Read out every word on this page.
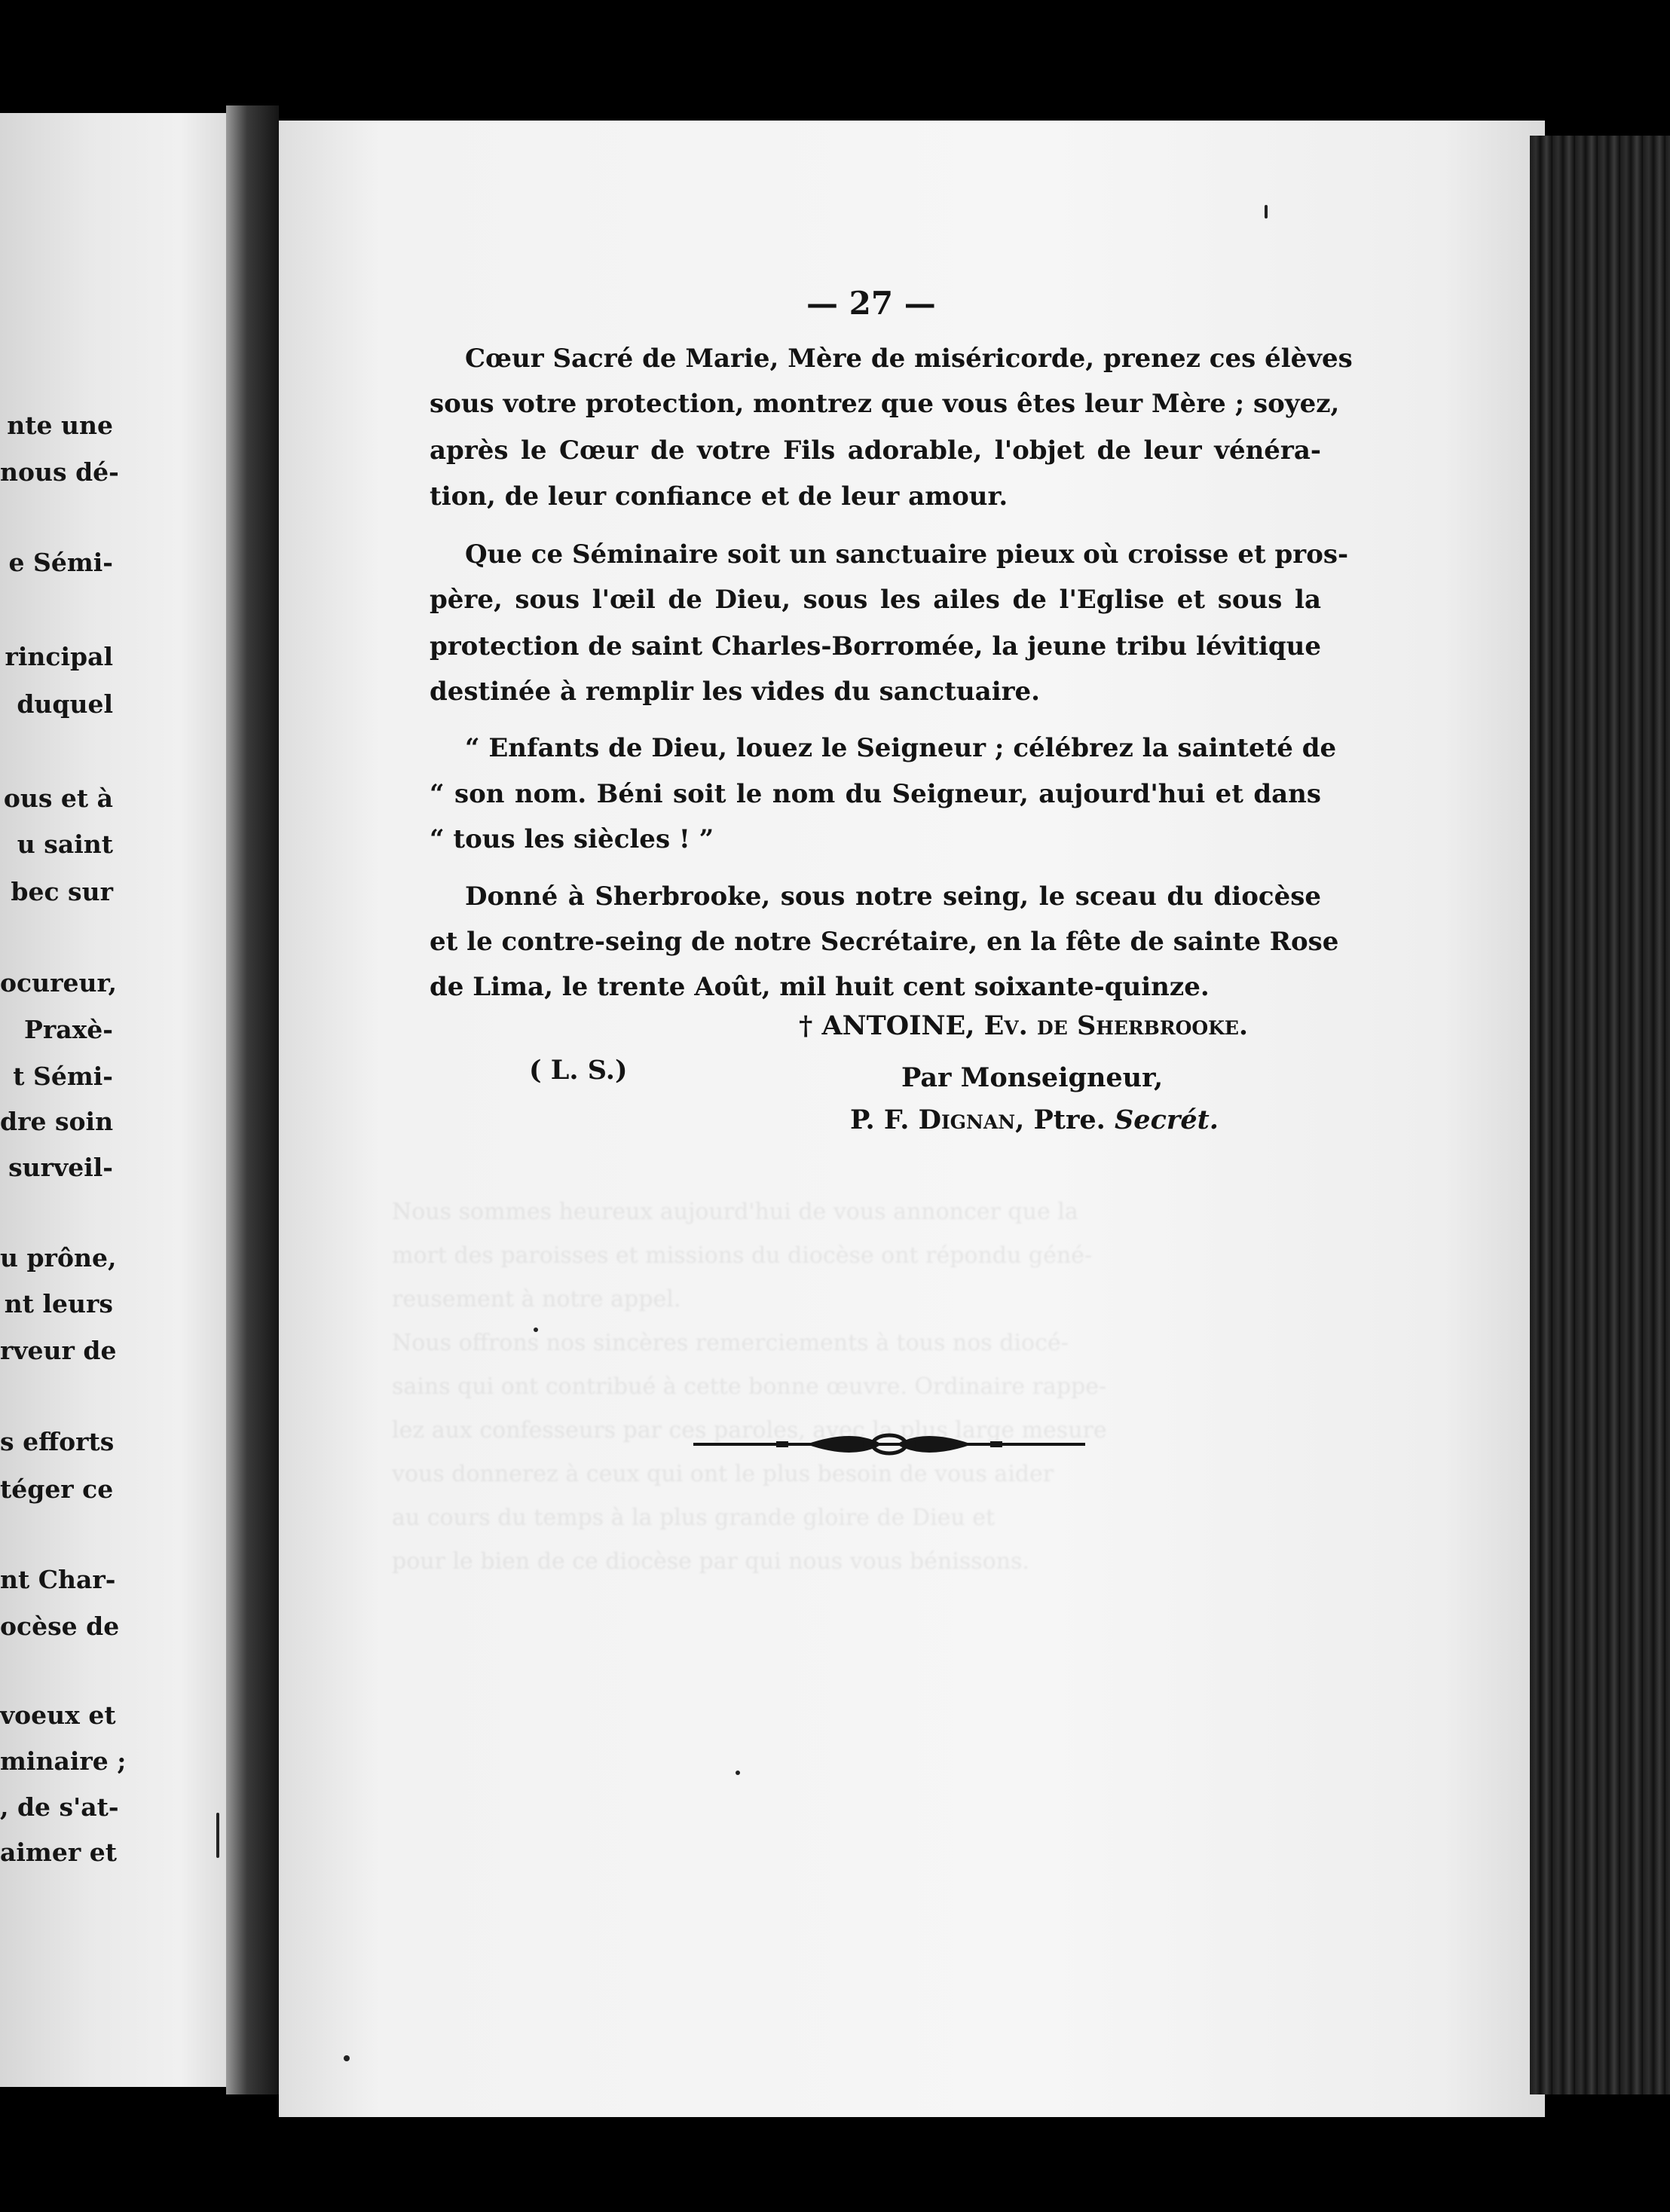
nte une
nous dé-
e Sémi-
rincipal
duquel
ous et à
u saint
bec sur
ocureur,
Praxè-
t Sémi-
dre soin
surveil-
u prône,
nt leurs
rveur de
s efforts
téger ce
nt Char-
ocèse de
voeux et
minaire ;
, de s'at-
aimer et

— 27 —
Cœur Sacré de Marie, Mère de miséricorde, prenez ces élèves
sous votre protection, montrez que vous êtes leur Mère ; soyez,
après le Cœur de votre Fils adorable, l'objet de leur vénéra-
tion, de leur confiance et de leur amour.
Que ce Séminaire soit un sanctuaire pieux où croisse et pros-
père, sous l'œil de Dieu, sous les ailes de l'Eglise et sous la
protection de saint Charles-Borromée, la jeune tribu lévitique
destinée à remplir les vides du sanctuaire.
“ Enfants de Dieu, louez le Seigneur ; célébrez la sainteté de
“ son nom. Béni soit le nom du Seigneur, aujourd'hui et dans
“ tous les siècles ! ”
Donné à Sherbrooke, sous notre seing, le sceau du diocèse
et le contre-seing de notre Secrétaire, en la fête de sainte Rose
de Lima, le trente Août, mil huit cent soixante-quinze.
† ANTOINE, Ev. de Sherbrooke.
( L. S.)	Par Monseigneur,
P. F. Dignan, Ptre. Secrét.
